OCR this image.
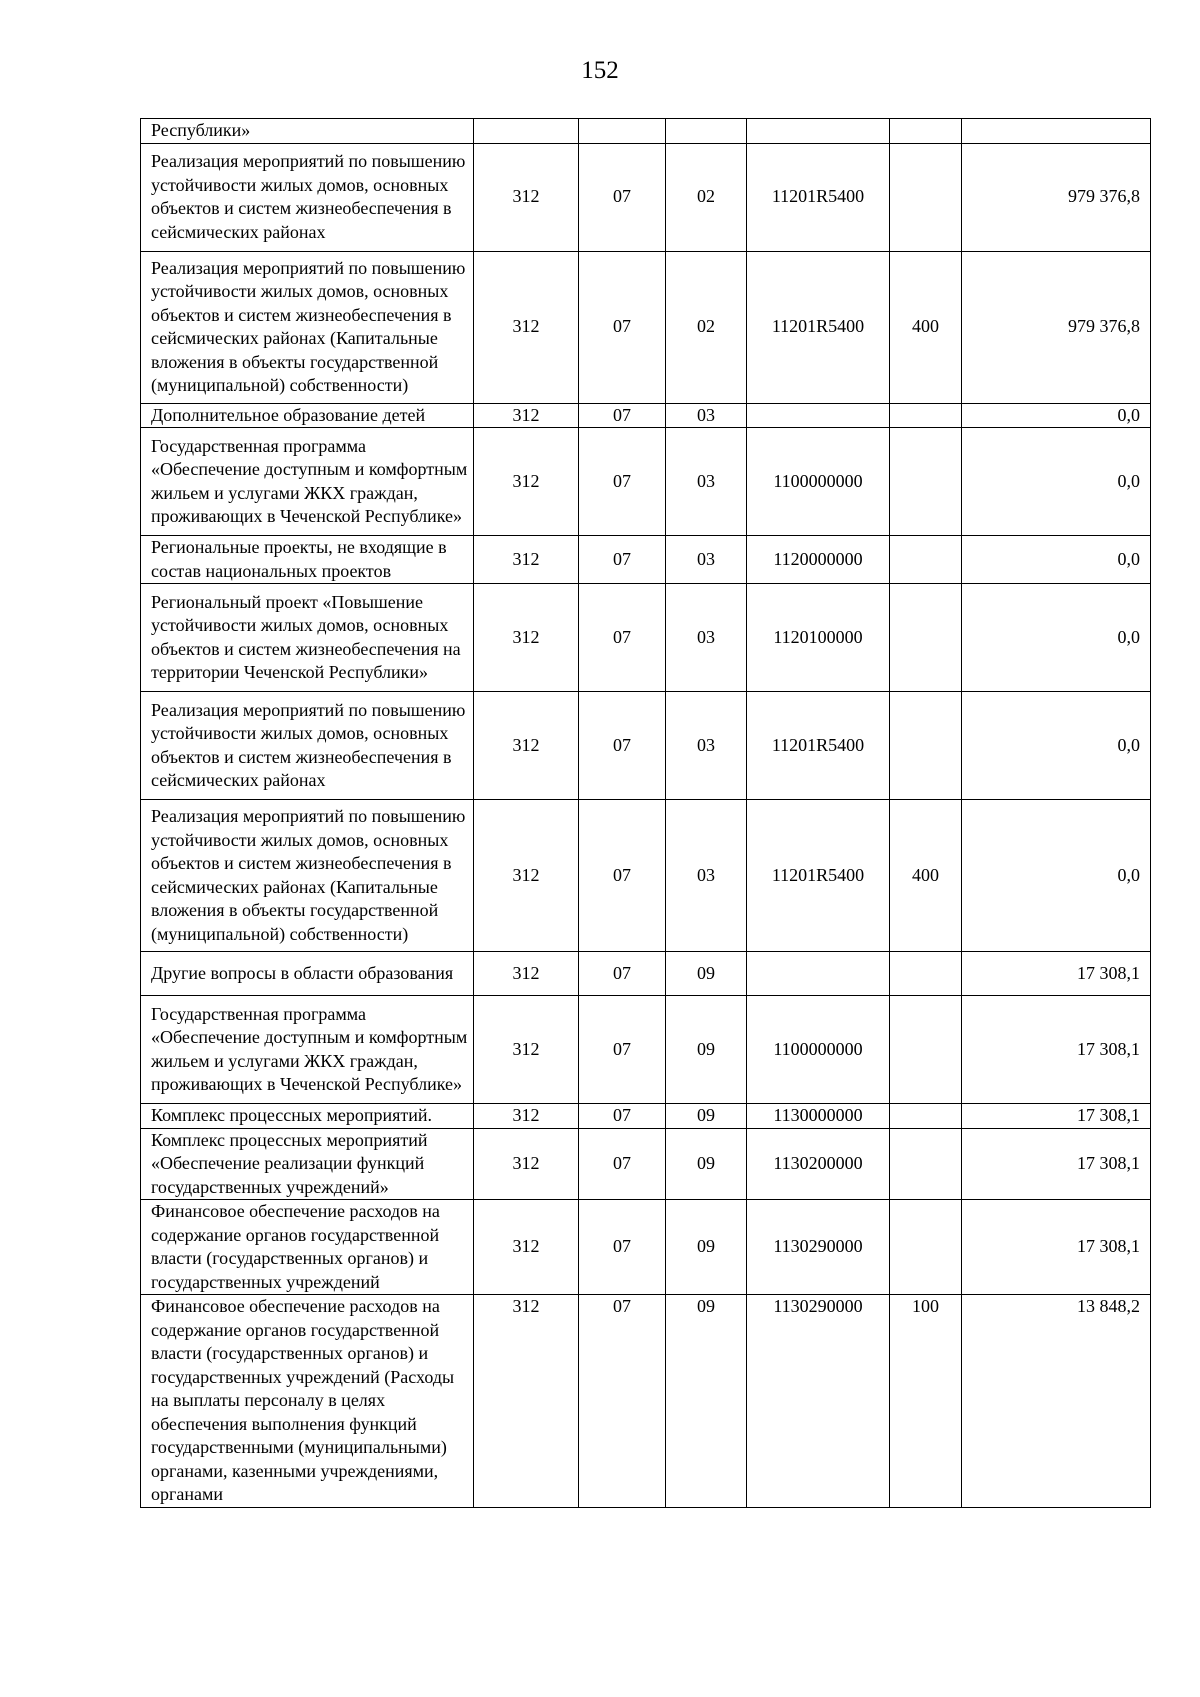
152
Республики»						
Реализация мероприятий по повышению устойчивости жилых домов, основных объектов и систем жизнеобеспечения в сейсмических районах	312	07	02	11201R5400		979 376,8
Реализация мероприятий по повышению устойчивости жилых домов, основных объектов и систем жизнеобеспечения в сейсмических районах (Капитальные вложения в объекты государственной (муниципальной) собственности)	312	07	02	11201R5400	400	979 376,8
Дополнительное образование детей	312	07	03			0,0
Государственная программа «Обеспечение доступным и комфортным жильем и услугами ЖКХ граждан, проживающих в Чеченской Республике»	312	07	03	1100000000		0,0
Региональные проекты, не входящие в состав национальных проектов	312	07	03	1120000000		0,0
Региональный проект «Повышение устойчивости жилых домов, основных объектов и систем жизнеобеспечения на территории Чеченской Республики»	312	07	03	1120100000		0,0
Реализация мероприятий по повышению устойчивости жилых домов, основных объектов и систем жизнеобеспечения в сейсмических районах	312	07	03	11201R5400		0,0
Реализация мероприятий по повышению устойчивости жилых домов, основных объектов и систем жизнеобеспечения в сейсмических районах (Капитальные вложения в объекты государственной (муниципальной) собственности)	312	07	03	11201R5400	400	0,0
Другие вопросы в области образования	312	07	09			17 308,1
Государственная программа «Обеспечение доступным и комфортным жильем и услугами ЖКХ граждан, проживающих в Чеченской Республике»	312	07	09	1100000000		17 308,1
Комплекс процессных мероприятий.	312	07	09	1130000000		17 308,1
Комплекс процессных мероприятий «Обеспечение реализации функций государственных учреждений»	312	07	09	1130200000		17 308,1
Финансовое обеспечение расходов на содержание органов государственной власти (государственных органов) и государственных учреждений	312	07	09	1130290000		17 308,1
Финансовое обеспечение расходов на содержание органов государственной власти (государственных органов) и государственных учреждений (Расходы на выплаты персоналу в целях обеспечения выполнения функций государственными (муниципальными) органами, казенными учреждениями, органами	312	07	09	1130290000	100	13 848,2
